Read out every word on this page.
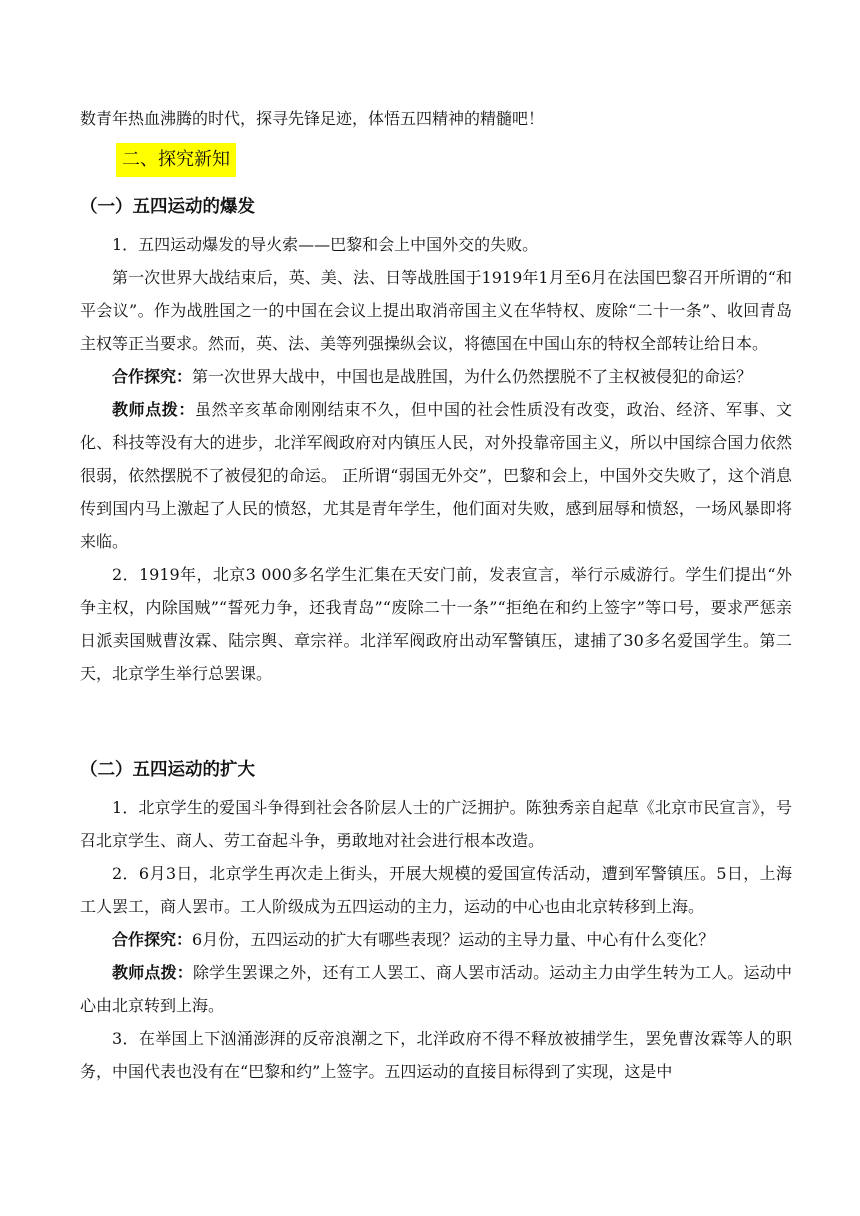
数青年热血沸腾的时代，探寻先锋足迹，体悟五四精神的精髓吧！

二、探究新知
（一）五四运动的爆发

1．五四运动爆发的导火索——巴黎和会上中国外交的失败。

第一次世界大战结束后，英、美、法、日等战胜国于1919年1月至6月在法国巴黎召开所谓的“和平会议”。作为战胜国之一的中国在会议上提出取消帝国主义在华特权、废除“二十一条”、收回青岛主权等正当要求。然而，英、法、美等列强操纵会议，将德国在中国山东的特权全部转让给日本。

合作探究：第一次世界大战中，中国也是战胜国，为什么仍然摆脱不了主权被侵犯的命运？

教师点拨：虽然辛亥革命刚刚结束不久，但中国的社会性质没有改变，政治、经济、军事、文化、科技等没有大的进步，北洋军阀政府对内镇压人民，对外投靠帝国主义，所以中国综合国力依然很弱，依然摆脱不了被侵犯的命运。 正所谓“弱国无外交”，巴黎和会上，中国外交失败了，这个消息传到国内马上激起了人民的愤怒，尤其是青年学生，他们面对失败，感到屈辱和愤怒，一场风暴即将来临。

2．1919年，北京3 000多名学生汇集在天安门前，发表宣言，举行示威游行。学生们提出“外争主权，内除国贼”“誓死力争，还我青岛”“废除二十一条”“拒绝在和约上签字”等口号，要求严惩亲日派卖国贼曹汝霖、陆宗舆、章宗祥。北洋军阀政府出动军警镇压，逮捕了30多名爱国学生。第二天，北京学生举行总罢课。

（二）五四运动的扩大

1．北京学生的爱国斗争得到社会各阶层人士的广泛拥护。陈独秀亲自起草《北京市民宣言》，号召北京学生、商人、劳工奋起斗争，勇敢地对社会进行根本改造。

2．6月3日，北京学生再次走上街头，开展大规模的爱国宣传活动，遭到军警镇压。5日，上海工人罢工，商人罢市。工人阶级成为五四运动的主力，运动的中心也由北京转移到上海。

合作探究：6月份，五四运动的扩大有哪些表现？运动的主导力量、中心有什么变化？

教师点拨：除学生罢课之外，还有工人罢工、商人罢市活动。运动主力由学生转为工人。运动中心由北京转到上海。

3．在举国上下汹涌澎湃的反帝浪潮之下，北洋政府不得不释放被捕学生，罢免曹汝霖等人的职务，中国代表也没有在“巴黎和约”上签字。五四运动的直接目标得到了实现，这是中
